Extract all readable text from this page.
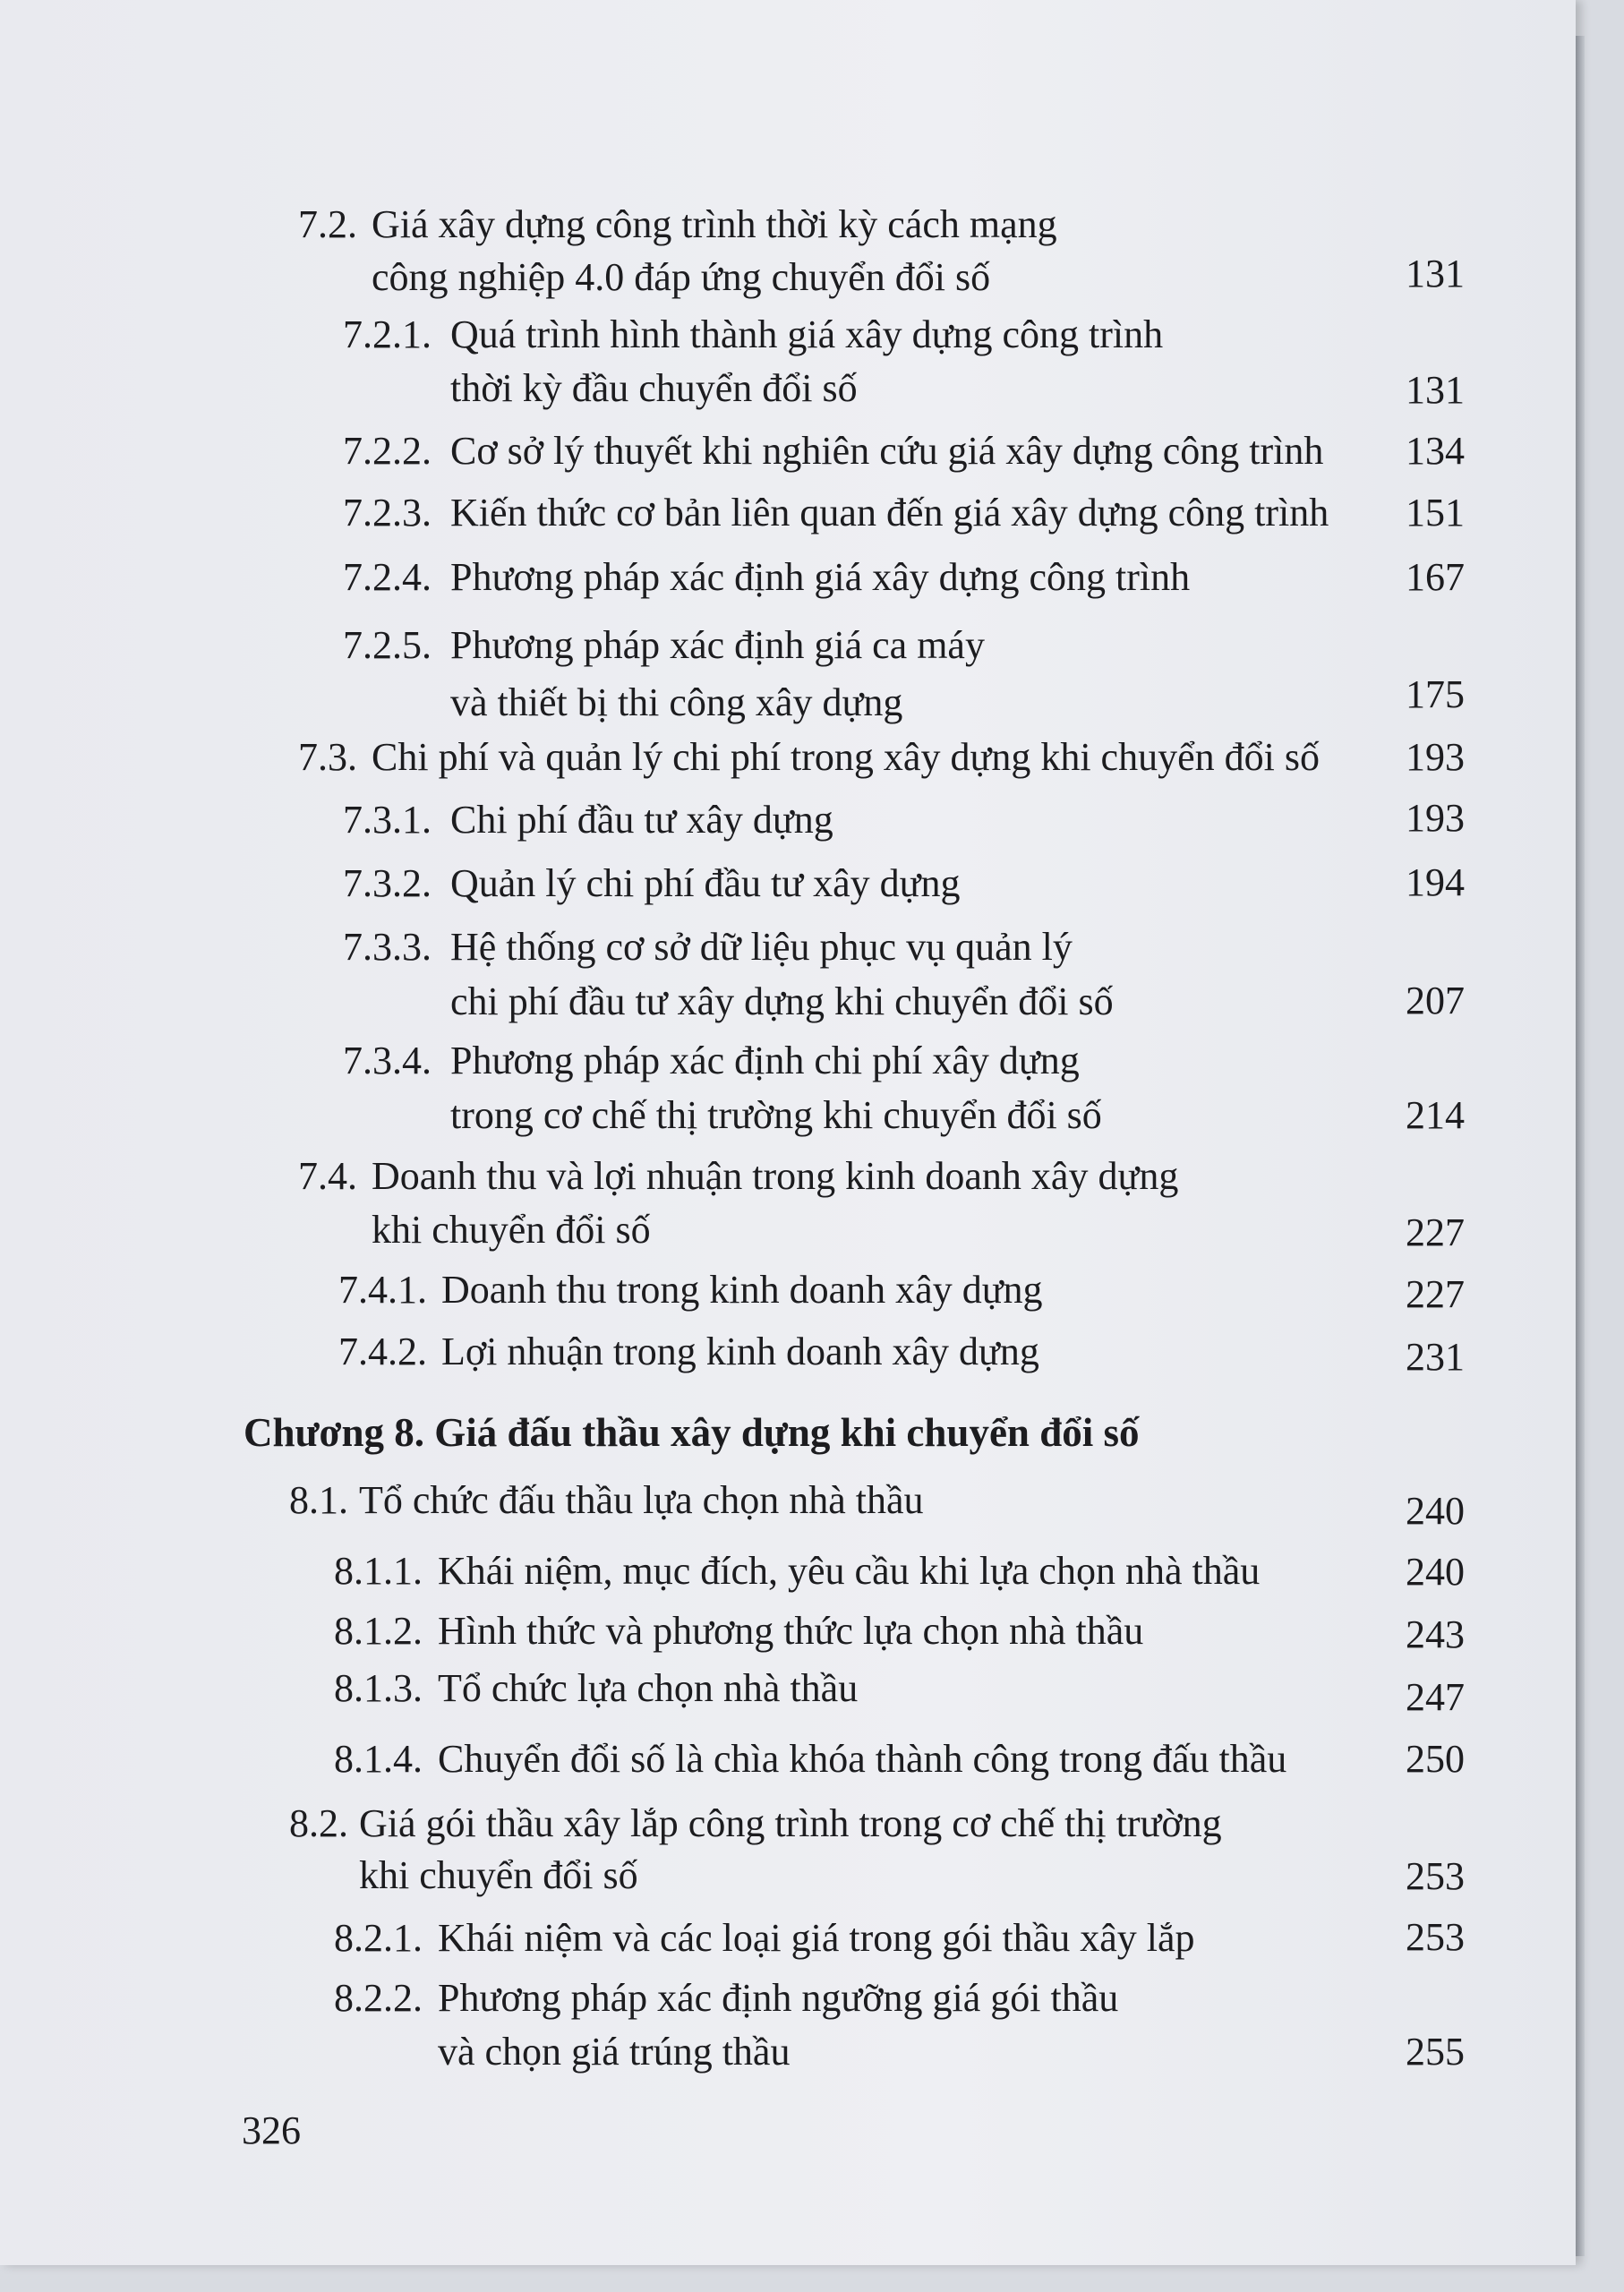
7.2. Giá xây dựng công trình thời kỳ cách mạng
công nghiệp 4.0 đáp ứng chuyển đổi số	131
7.2.1. Quá trình hình thành giá xây dựng công trình
thời kỳ đầu chuyển đổi số	131
7.2.2. Cơ sở lý thuyết khi nghiên cứu giá xây dựng công trình	134
7.2.3. Kiến thức cơ bản liên quan đến giá xây dựng công trình	151
7.2.4. Phương pháp xác định giá xây dựng công trình	167
7.2.5. Phương pháp xác định giá ca máy
và thiết bị thi công xây dựng	175
7.3. Chi phí và quản lý chi phí trong xây dựng khi chuyển đổi số	193
7.3.1. Chi phí đầu tư xây dựng	193
7.3.2. Quản lý chi phí đầu tư xây dựng	194
7.3.3. Hệ thống cơ sở dữ liệu phục vụ quản lý
chi phí đầu tư xây dựng khi chuyển đổi số	207
7.3.4. Phương pháp xác định chi phí xây dựng
trong cơ chế thị trường khi chuyển đổi số	214
7.4. Doanh thu và lợi nhuận trong kinh doanh xây dựng
khi chuyển đổi số	227
7.4.1. Doanh thu trong kinh doanh xây dựng	227
7.4.2. Lợi nhuận trong kinh doanh xây dựng	231
Chương 8. Giá đấu thầu xây dựng khi chuyển đổi số
8.1. Tổ chức đấu thầu lựa chọn nhà thầu	240
8.1.1. Khái niệm, mục đích, yêu cầu khi lựa chọn nhà thầu	240
8.1.2. Hình thức và phương thức lựa chọn nhà thầu	243
8.1.3. Tổ chức lựa chọn nhà thầu	247
8.1.4. Chuyển đổi số là chìa khóa thành công trong đấu thầu	250
8.2. Giá gói thầu xây lắp công trình trong cơ chế thị trường
khi chuyển đổi số	253
8.2.1. Khái niệm và các loại giá trong gói thầu xây lắp	253
8.2.2. Phương pháp xác định ngưỡng giá gói thầu
và chọn giá trúng thầu	255
326
